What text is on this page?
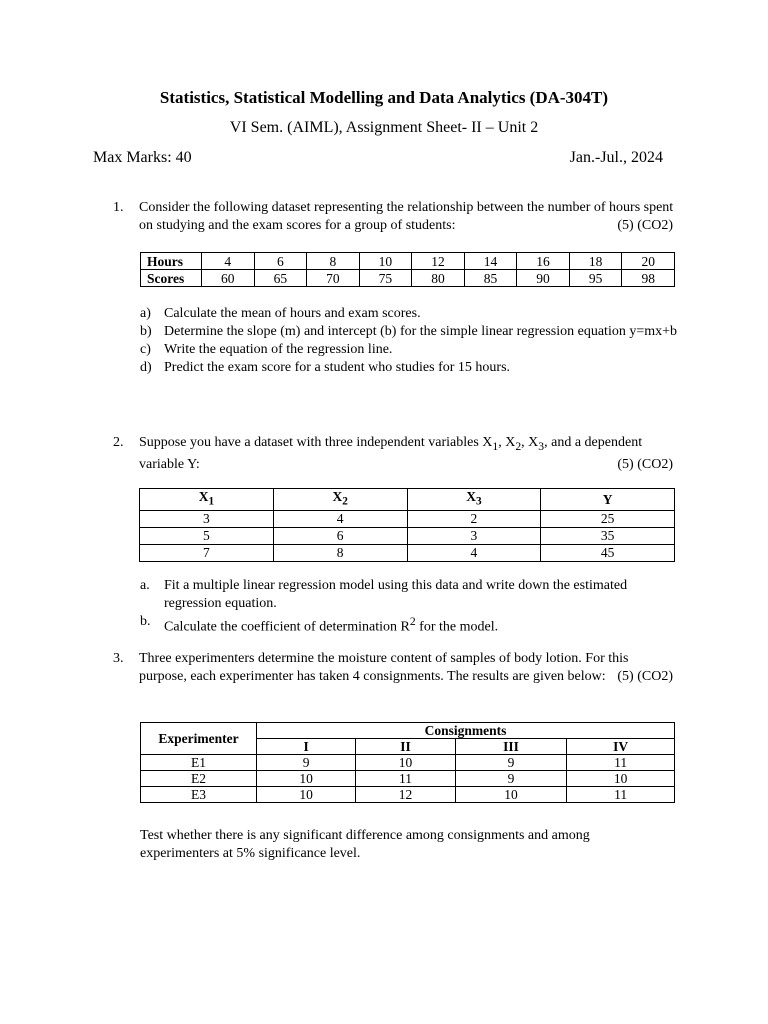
Statistics, Statistical Modelling and Data Analytics (DA-304T)
VI Sem. (AIML), Assignment Sheet- II – Unit 2
Max Marks: 40	Jan.-Jul., 2024
1. Consider the following dataset representing the relationship between the number of hours spent on studying and the exam scores for a group of students:	(5) (CO2)
Hours	4	6	8	10	12	14	16	18	20
Scores	60	65	70	75	80	85	90	95	98
a) Calculate the mean of hours and exam scores.
b) Determine the slope (m) and intercept (b) for the simple linear regression equation y=mx+b
c) Write the equation of the regression line.
d) Predict the exam score for a student who studies for 15 hours.
2. Suppose you have a dataset with three independent variables $X_1$, $X_2$, $X_3$, and a dependent variable Y:	(5) (CO2)
$X_1$	$X_2$	$X_3$	Y
3	4	2	25
5	6	3	35
7	8	4	45
a. Fit a multiple linear regression model using this data and write down the estimated regression equation.
b. Calculate the coefficient of determination $R^2$ for the model.
3. Three experimenters determine the moisture content of samples of body lotion. For this purpose, each experimenter has taken 4 consignments. The results are given below: (5) (CO2)
Experimenter	Consignments			
	I	II	III	IV
E1	9	10	9	11
E2	10	11	9	10
E3	10	12	10	11
Test whether there is any significant difference among consignments and among experimenters at 5% significance level.
